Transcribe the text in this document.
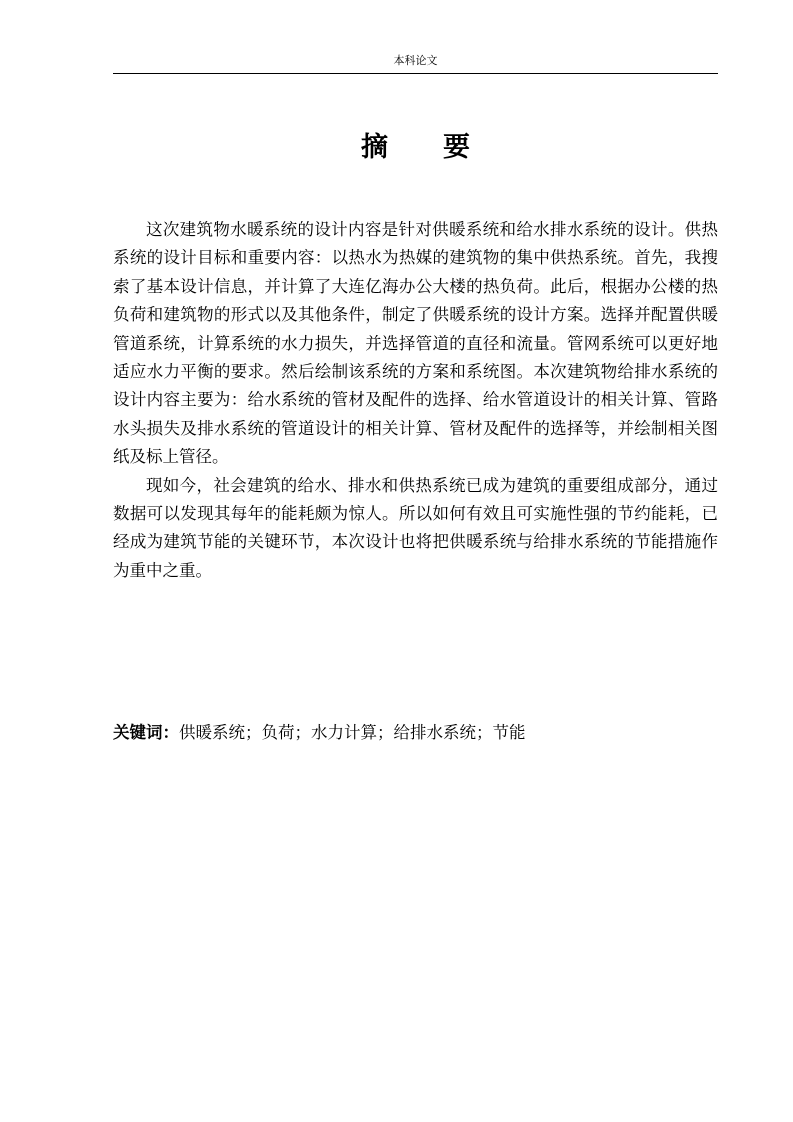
本科论文
摘 要

这次建筑物水暖系统的设计内容是针对供暖系统和给水排水系统的设计。供热系统的设计目标和重要内容：以热水为热媒的建筑物的集中供热系统。首先，我搜索了基本设计信息，并计算了大连亿海办公大楼的热负荷。此后，根据办公楼的热负荷和建筑物的形式以及其他条件，制定了供暖系统的设计方案。选择并配置供暖管道系统，计算系统的水力损失，并选择管道的直径和流量。管网系统可以更好地适应水力平衡的要求。然后绘制该系统的方案和系统图。本次建筑物给排水系统的设计内容主要为：给水系统的管材及配件的选择、给水管道设计的相关计算、管路水头损失及排水系统的管道设计的相关计算、管材及配件的选择等，并绘制相关图纸及标上管径。

现如今，社会建筑的给水、排水和供热系统已成为建筑的重要组成部分，通过数据可以发现其每年的能耗颇为惊人。所以如何有效且可实施性强的节约能耗，已经成为建筑节能的关键环节，本次设计也将把供暖系统与给排水系统的节能措施作为重中之重。

关键词：供暖系统；负荷；水力计算；给排水系统；节能
